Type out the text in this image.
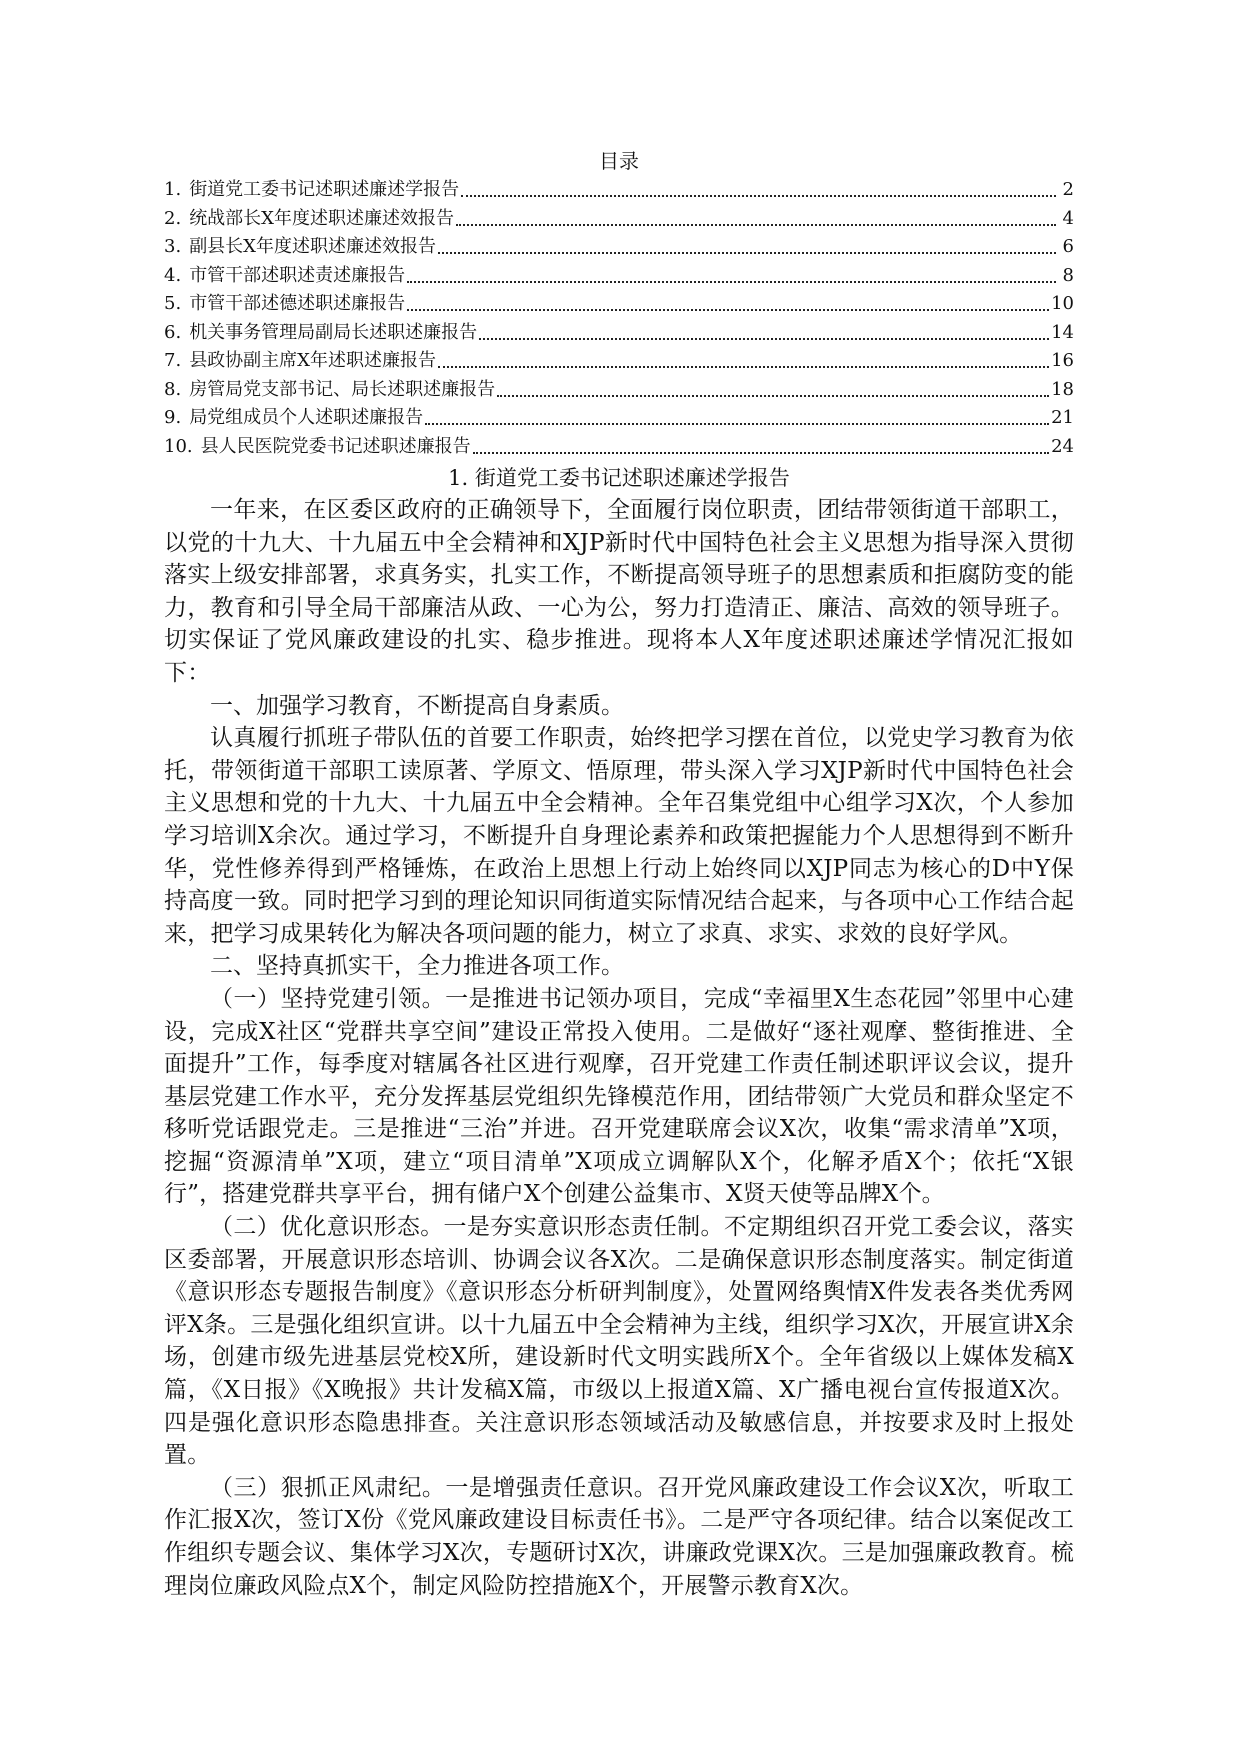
目录
1. 街道党工委书记述职述廉述学报告	2
2. 统战部长X年度述职述廉述效报告	4
3. 副县长X年度述职述廉述效报告	6
4. 市管干部述职述责述廉报告	8
5. 市管干部述德述职述廉报告	10
6. 机关事务管理局副局长述职述廉报告	14
7. 县政协副主席X年述职述廉报告	16
8. 房管局党支部书记、局长述职述廉报告	18
9. 局党组成员个人述职述廉报告	21
10. 县人民医院党委书记述职述廉报告	24
1. 街道党工委书记述职述廉述学报告

一年来，在区委区政府的正确领导下，全面履行岗位职责，团结带领街道干部职工，以党的十九大、十九届五中全会精神和XJP新时代中国特色社会主义思想为指导深入贯彻落实上级安排部署，求真务实，扎实工作，不断提高领导班子的思想素质和拒腐防变的能力，教育和引导全局干部廉洁从政、一心为公，努力打造清正、廉洁、高效的领导班子。切实保证了党风廉政建设的扎实、稳步推进。现将本人X年度述职述廉述学情况汇报如下：

一、加强学习教育，不断提高自身素质。

认真履行抓班子带队伍的首要工作职责，始终把学习摆在首位，以党史学习教育为依托，带领街道干部职工读原著、学原文、悟原理，带头深入学习XJP新时代中国特色社会主义思想和党的十九大、十九届五中全会精神。全年召集党组中心组学习X次，个人参加学习培训X余次。通过学习，不断提升自身理论素养和政策把握能力个人思想得到不断升华，党性修养得到严格锤炼，在政治上思想上行动上始终同以XJP同志为核心的D中Y保持高度一致。同时把学习到的理论知识同街道实际情况结合起来，与各项中心工作结合起来，把学习成果转化为解决各项问题的能力，树立了求真、求实、求效的良好学风。

二、坚持真抓实干，全力推进各项工作。

（一）坚持党建引领。一是推进书记领办项目，完成“幸福里X生态花园”邻里中心建设，完成X社区“党群共享空间”建设正常投入使用。二是做好“逐社观摩、整街推进、全面提升”工作，每季度对辖属各社区进行观摩，召开党建工作责任制述职评议会议，提升基层党建工作水平，充分发挥基层党组织先锋模范作用，团结带领广大党员和群众坚定不移听党话跟党走。三是推进“三治”并进。召开党建联席会议X次，收集“需求清单”X项，挖掘“资源清单”X项，建立“项目清单”X项成立调解队X个，化解矛盾X个；依托“X银行”，搭建党群共享平台，拥有储户X个创建公益集市、X贤天使等品牌X个。

（二）优化意识形态。一是夯实意识形态责任制。不定期组织召开党工委会议，落实区委部署，开展意识形态培训、协调会议各X次。二是确保意识形态制度落实。制定街道《意识形态专题报告制度》《意识形态分析研判制度》，处置网络舆情X件发表各类优秀网评X条。三是强化组织宣讲。以十九届五中全会精神为主线，组织学习X次，开展宣讲X余场，创建市级先进基层党校X所，建设新时代文明实践所X个。全年省级以上媒体发稿X篇，《X日报》《X晚报》共计发稿X篇，市级以上报道X篇、X广播电视台宣传报道X次。四是强化意识形态隐患排查。关注意识形态领域活动及敏感信息，并按要求及时上报处置。

（三）狠抓正风肃纪。一是增强责任意识。召开党风廉政建设工作会议X次，听取工作汇报X次，签订X份《党风廉政建设目标责任书》。二是严守各项纪律。结合以案促改工作组织专题会议、集体学习X次，专题研讨X次，讲廉政党课X次。三是加强廉政教育。梳理岗位廉政风险点X个，制定风险防控措施X个，开展警示教育X次。
